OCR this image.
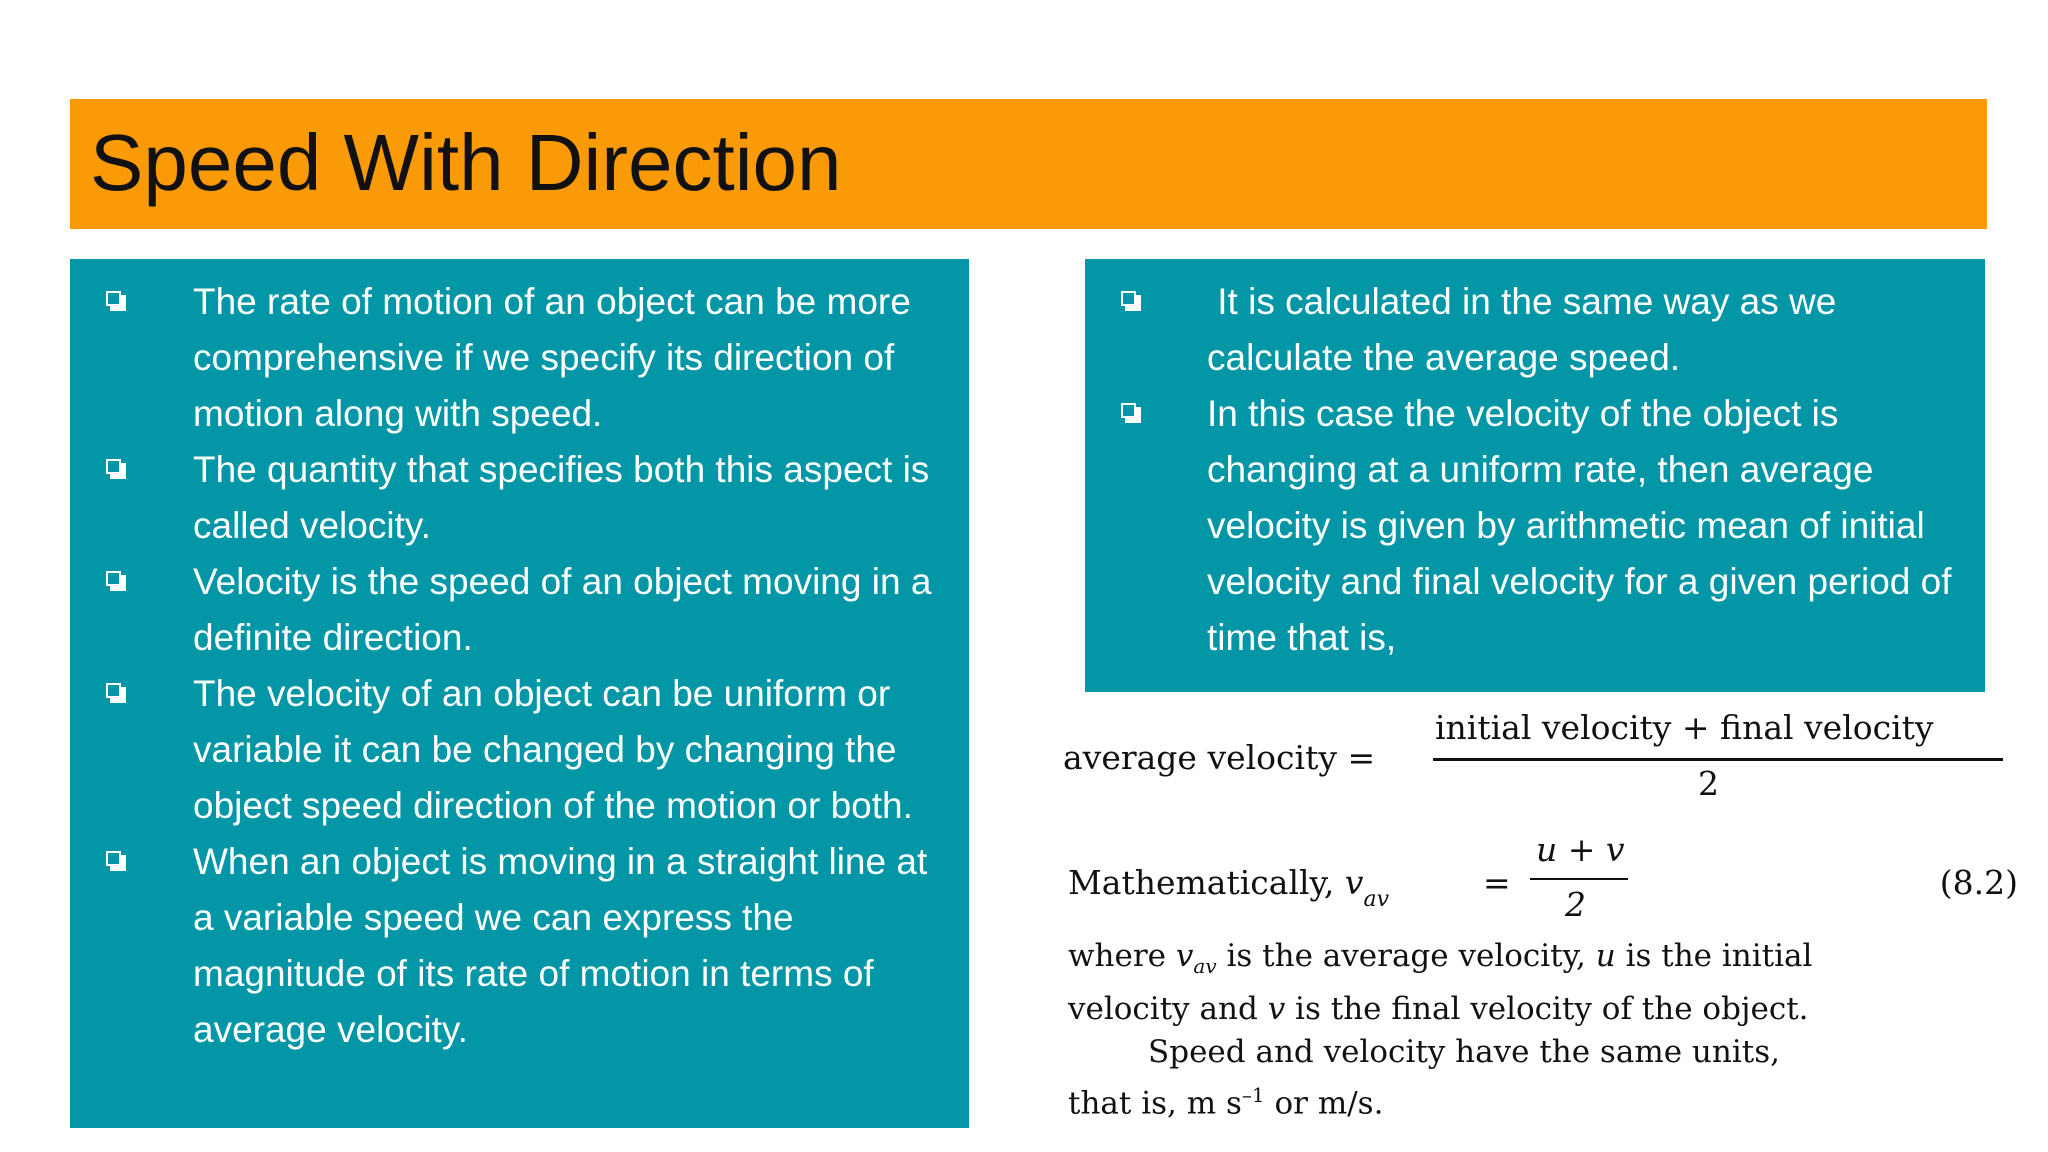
Speed With Direction
The rate of motion of an object can be more comprehensive if we specify its direction of motion along with speed.
The quantity that specifies both this aspect is called velocity.
Velocity is the speed of an object moving in a definite direction.
The velocity of an object can be uniform or variable it can be changed by changing the object speed direction of the motion or both.
When an object is moving in a straight line at a variable speed we can express the magnitude of its rate of motion in terms of average velocity.
It is calculated in the same way as we calculate the average speed.
In this case the velocity of the object is changing at a uniform rate, then average velocity is given by arithmetic mean of initial velocity and final velocity for a given period of time that is,
average velocity =
initial velocity + final velocity
2
Mathematically, $v_{av}$	=
u + v
2
(8.2)
where $v_{av}$ is the average velocity, u is the initial
velocity and v is the final velocity of the object.
Speed and velocity have the same units,
that is, m $s^{-1}$ or m/s.
